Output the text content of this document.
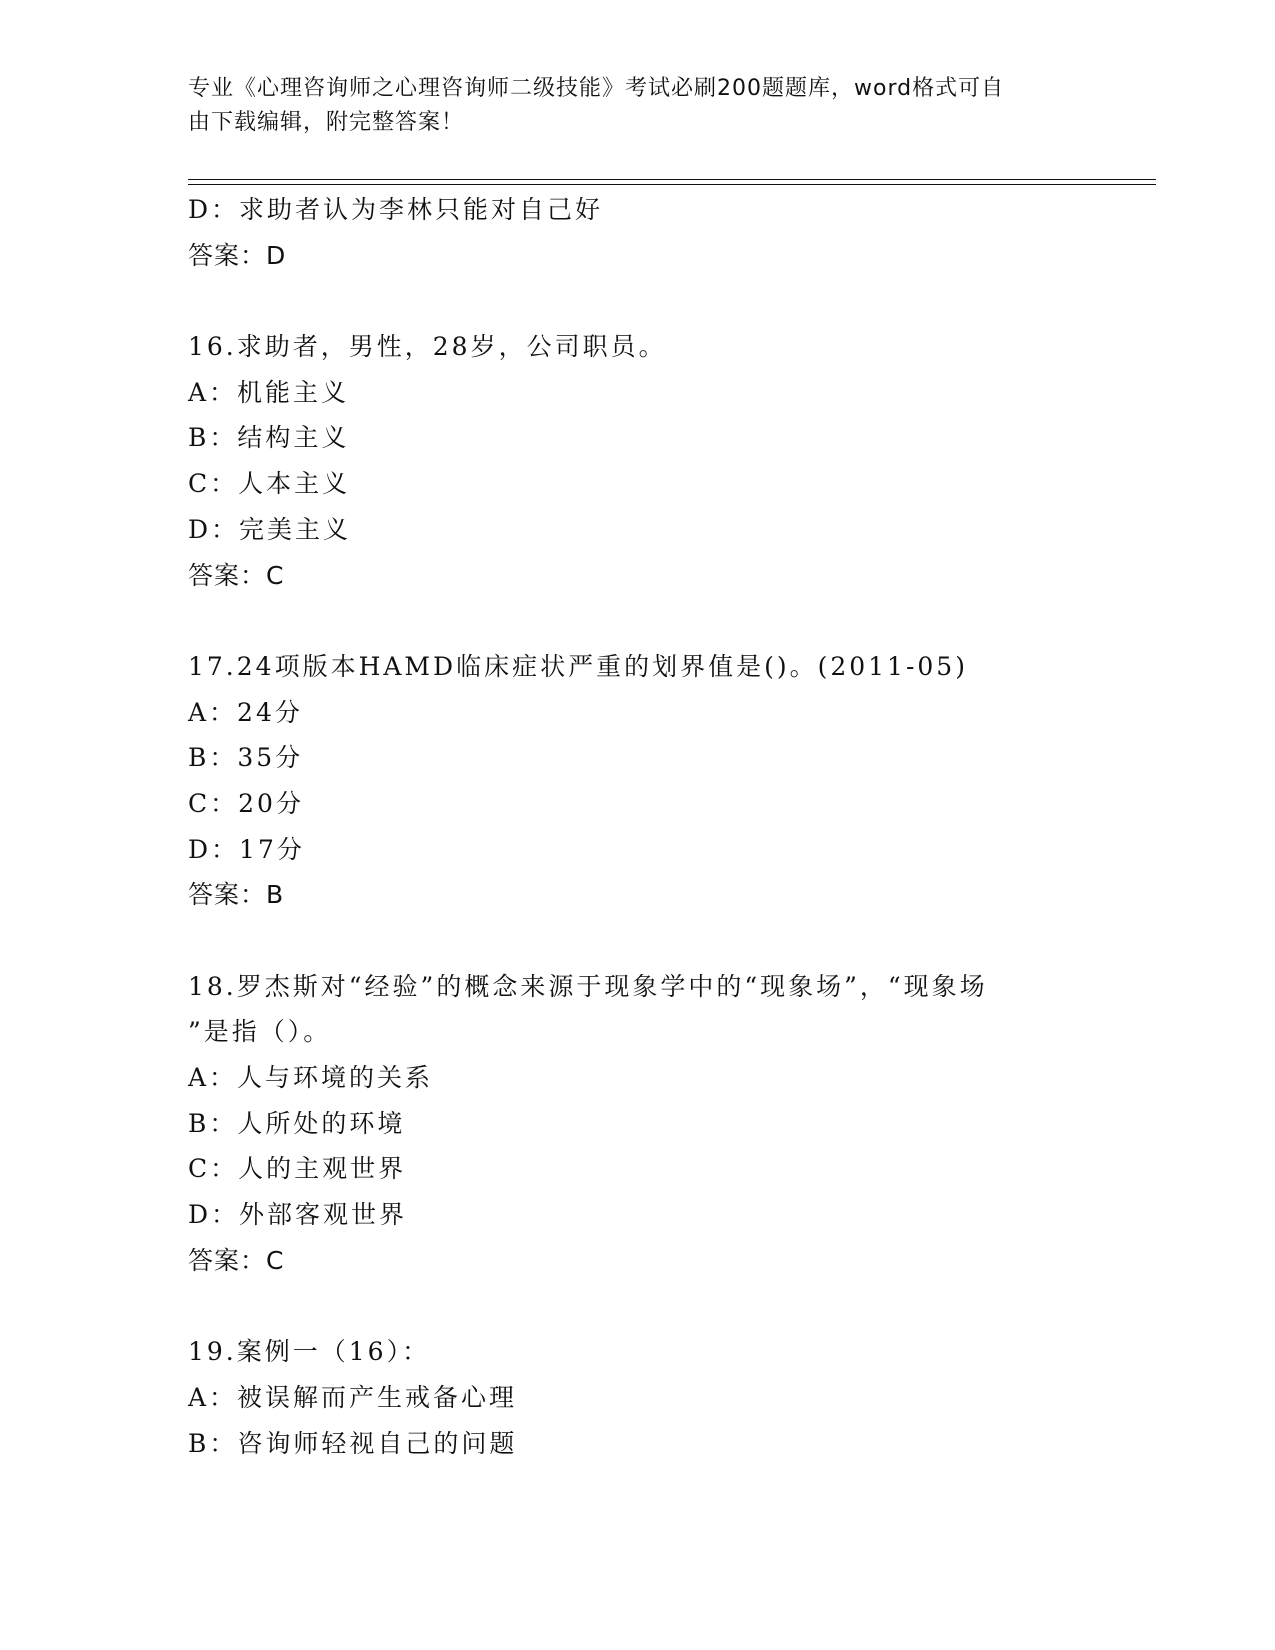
专业《心理咨询师之心理咨询师二级技能》考试必刷200题题库，word格式可自
由下载编辑，附完整答案！
D：求助者认为李林只能对自己好
答案：D
16.求助者，男性，28岁，公司职员。
A：机能主义
B：结构主义
C：人本主义
D：完美主义
答案：C
17.24项版本HAMD临床症状严重的划界值是()。(2011-05)
A：24分
B：35分
C：20分
D：17分
答案：B
18.罗杰斯对“经验”的概念来源于现象学中的“现象场”，“现象场
”是指（）。
A：人与环境的关系
B：人所处的环境
C：人的主观世界
D：外部客观世界
答案：C
19.案例一（16）：
A：被误解而产生戒备心理
B：咨询师轻视自己的问题
